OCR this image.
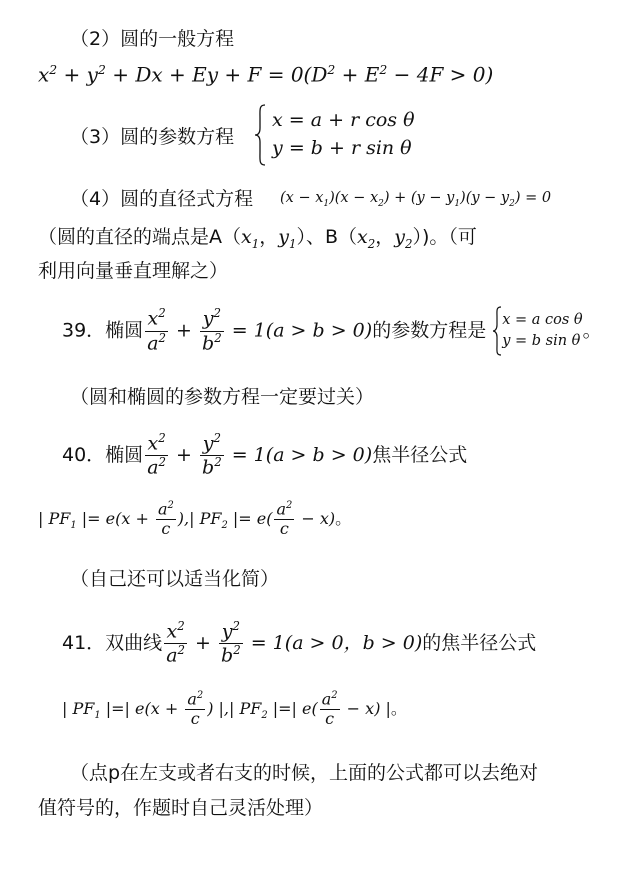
（2）圆的一般方程
$x^2 + y^2 + Dx + Ey + F = 0(D^2 + E^2 - 4F > 0)$
（3）圆的参数方程

x = a + r cos θ
y = b + r sin θ
（4）圆的直径式方程 $(x - x_1)(x - x_2) + (y - y_1)(y - y_2) = 0$
（圆的直径的端点是$A(x_1$，$y_1$）、$B(x_2$，$y_2$）)。（可
利用向量垂直理解之）
39．椭圆 $\frac{x^2}{a^2} + \frac{y^2}{b^2} = 1(a > b > 0)$的参数方程是 x = a cos θ
y = b sin θ 。
（圆和椭圆的参数方程一定要过关）
40．椭圆 $\frac{x^2}{a^2} + \frac{y^2}{b^2} = 1(a > b > 0)$焦半径公式
| $PF_1$ |= $e(x + \frac{a^2}{c}$ ),| $PF_2$ |= $e( \frac{a^2}{c} - x)$。
（自己还可以适当化简）
41．双曲线 $\frac{x^2}{a^2} + \frac{y^2}{b^2} = 1(a > 0$，b > 0)的焦半径公式
| $PF_1$ |=| $e(x + \frac{a^2}{c}$ ) |,| $PF_2$ |=| $e( \frac{a^2}{c} - x)$ |。
（点p在左支或者右支的时候，上面的公式都可以去绝对
值符号的，作题时自己灵活处理）
